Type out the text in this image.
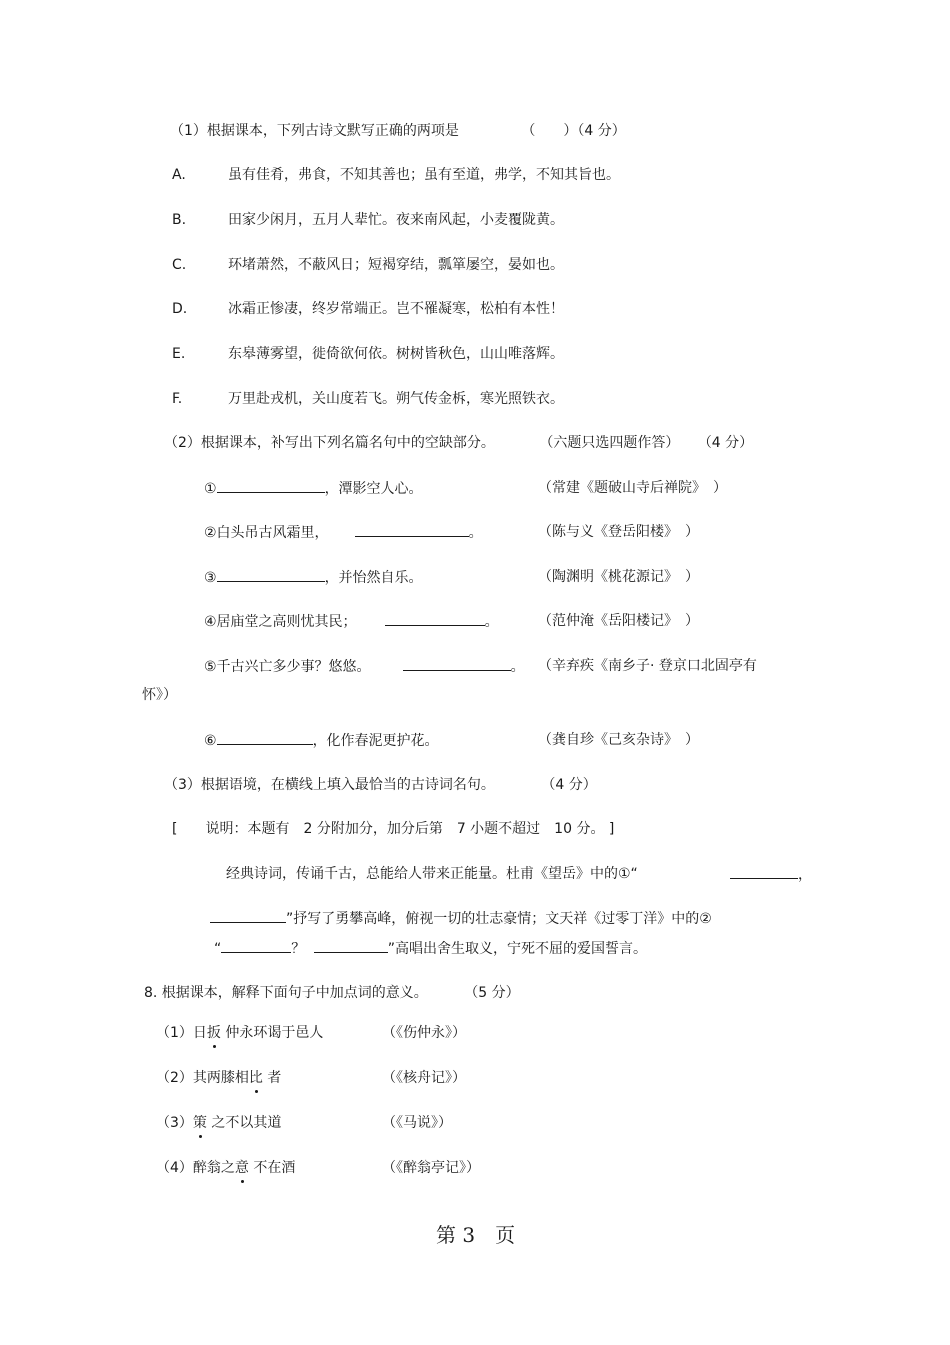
（1）根据课本，下列古诗文默写正确的两项是	（　　）（4 分）
A.	虽有佳肴，弗食，不知其善也；虽有至道，弗学，不知其旨也。
B.	田家少闲月，五月人辈忙。夜来南风起，小麦覆陇黄。
C.	环堵萧然，不蔽风日；短褐穿结，瓢箪屡空，晏如也。
D.	冰霜正惨凄，终岁常端正。岂不罹凝寒，松柏有本性！
E.	东皋薄雾望，徙倚欲何依。树树皆秋色，山山唯落辉。
F.	万里赴戎机，关山度若飞。朔气传金柝，寒光照铁衣。
（2）根据课本，补写出下列名篇名句中的空缺部分。	（六题只选四题作答） （4 分）
①	，潭影空人心。	（常建《题破山寺后禅院》　）
②白头吊古风霜里，	。	（陈与义《登岳阳楼》　）
③	，并怡然自乐。	（陶渊明《桃花源记》　）
④居庙堂之高则忧其民；	。	（范仲淹《岳阳楼记》　）
⑤千古兴亡多少事？悠悠。	。 （辛弃疾《南乡子· 登京口北固亭有
怀》）
⑥	，化作春泥更护花。	（龚自珍《己亥杂诗》　）
（3）根据语境，在横线上填入最恰当的古诗词名句。	（4 分）
[　　说明：本题有　2 分附加分，加分后第　7 小题不超过　10 分。 ]
经典诗词，传诵千古，总能给人带来正能量。杜甫《望岳》中的①“	，
”抒写了勇攀高峰，俯视一切的壮志豪情；文天祥《过零丁洋》中的②
“	？	”高唱出舍生取义，宁死不屈的爱国誓言。
8. 根据课本，解释下面句子中加点词的意义。	（5 分）
（1）日扳 仲永环谒于邑人	（《伤仲永》）
（2）其两膝相比 者	（《核舟记》）
（3）策 之不以其道	（《马说》）
（4）醉翁之意 不在酒	（《醉翁亭记》）
第 3　页
